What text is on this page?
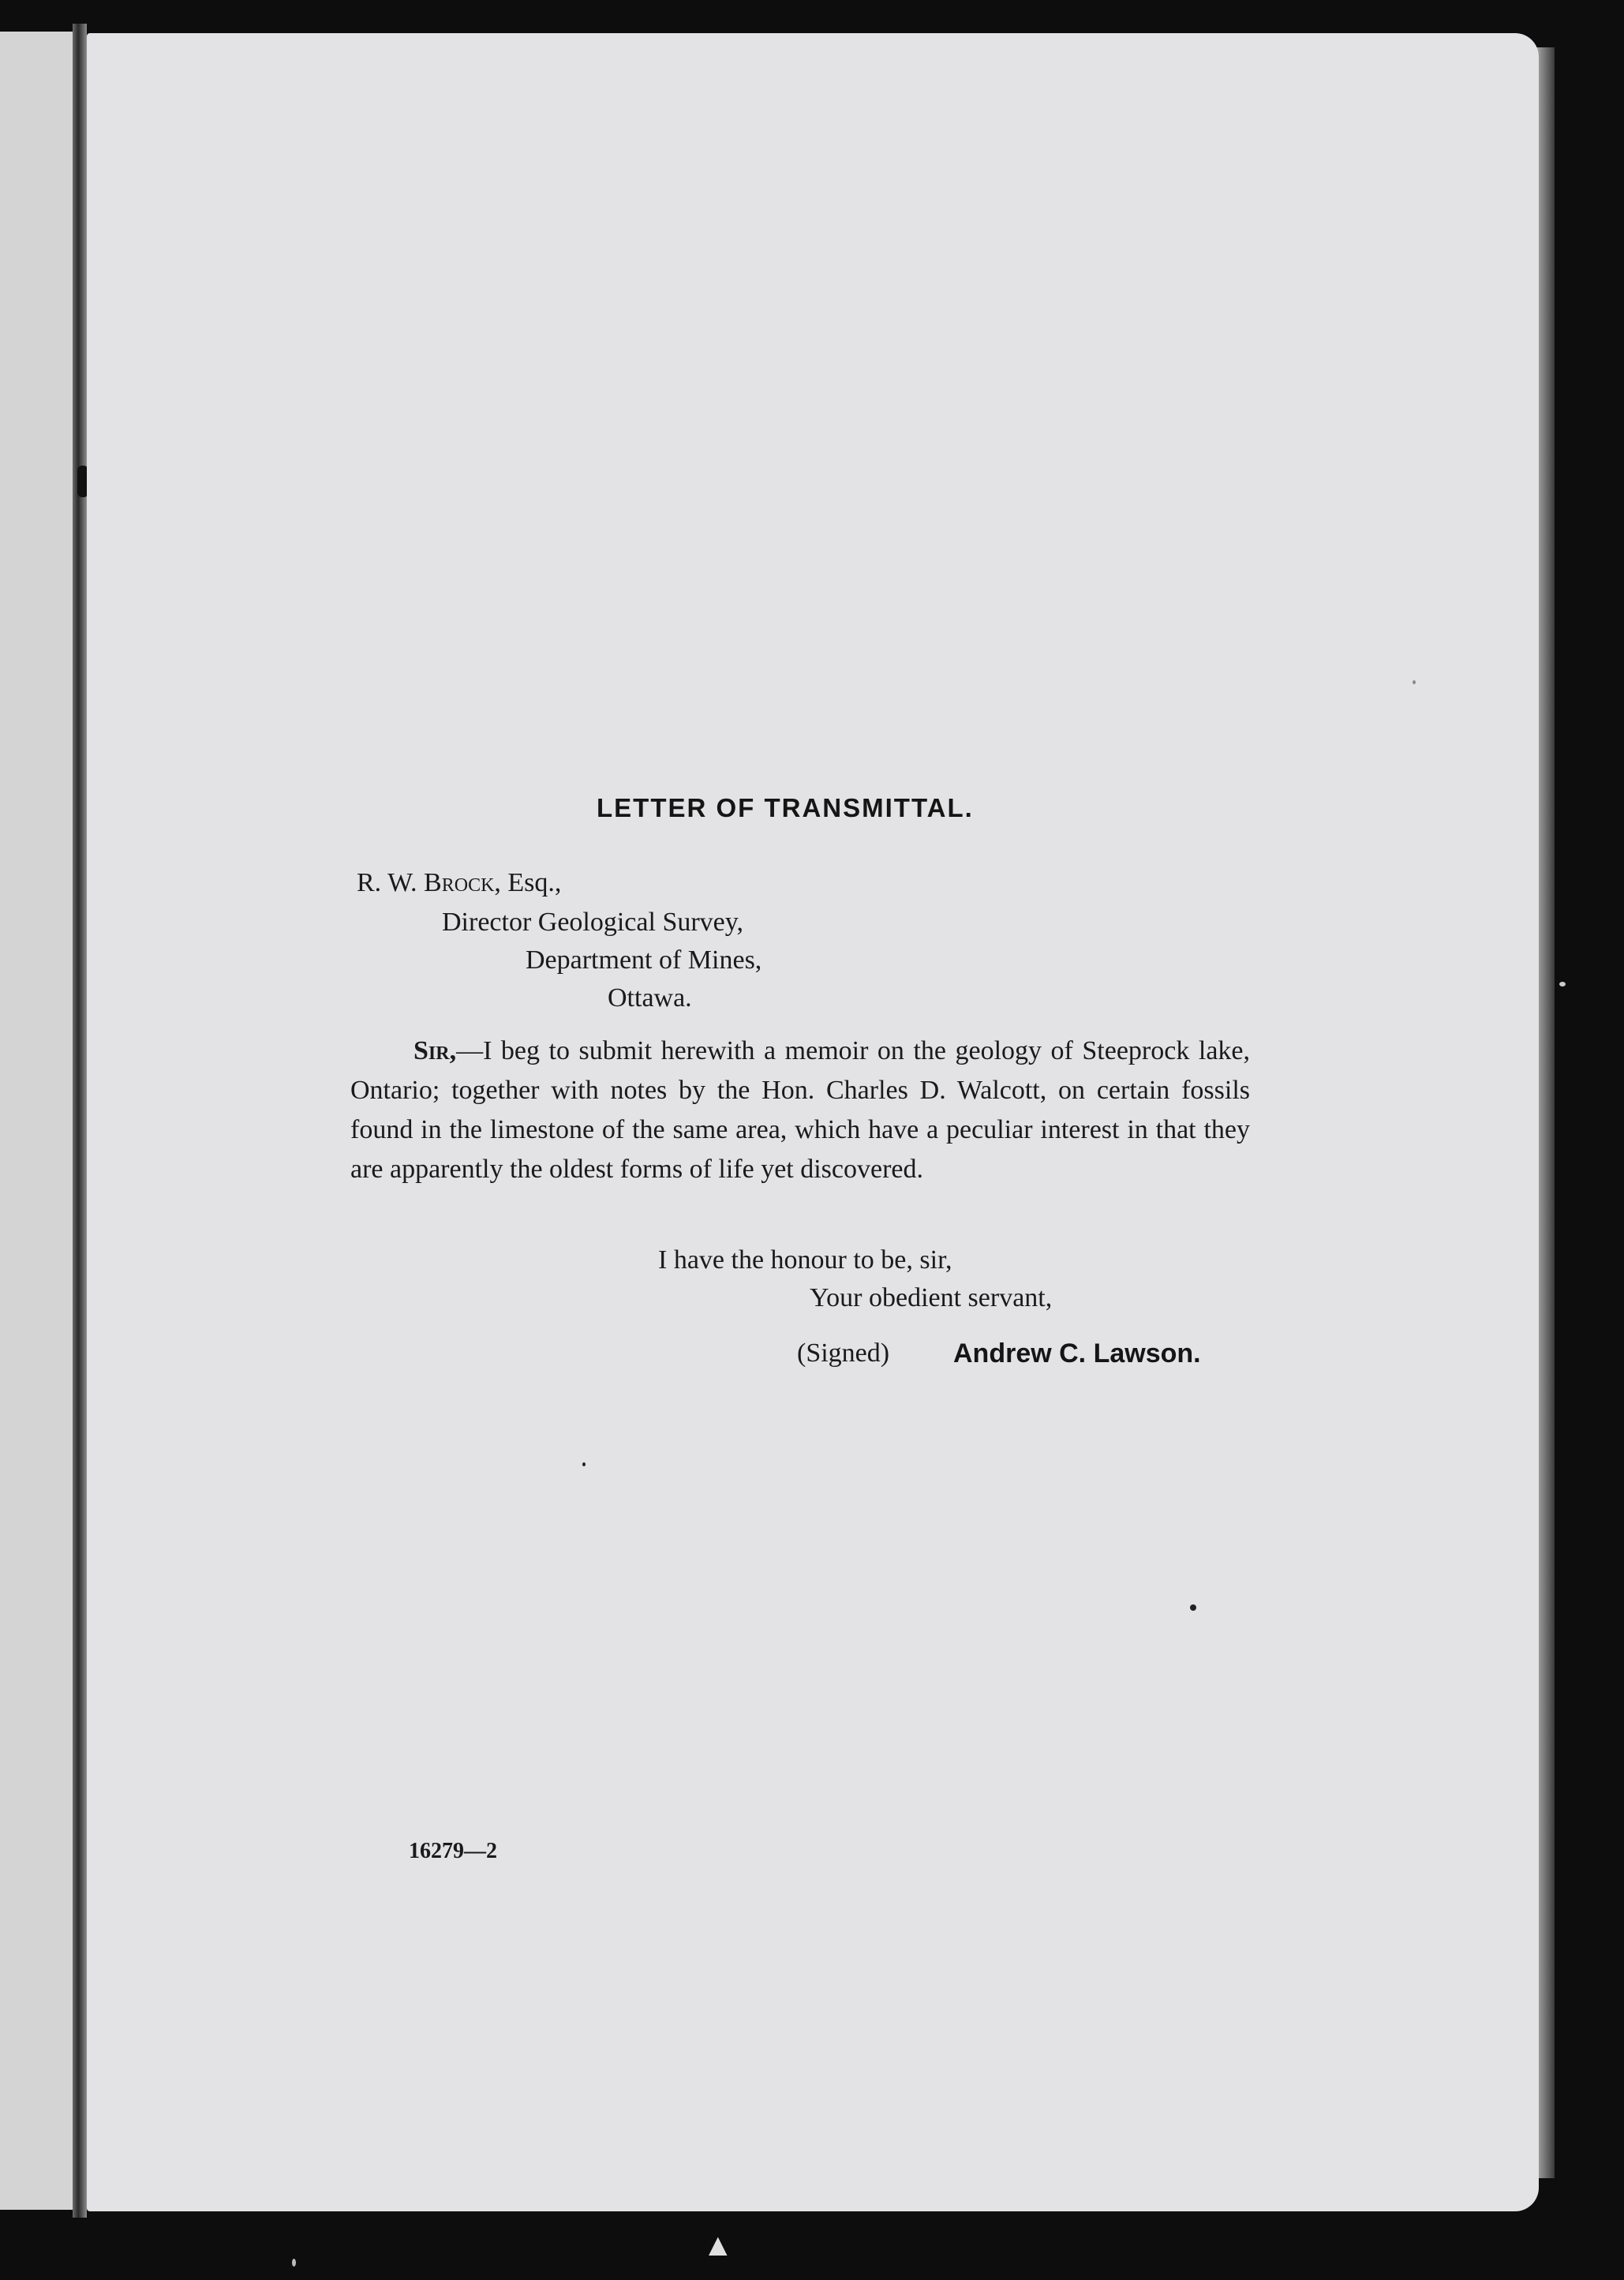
LETTER OF TRANSMITTAL.
R. W. Brock, Esq.,
Director Geological Survey,
Department of Mines,
Ottawa.
Sir,—I beg to submit herewith a memoir on the geology of Steeprock lake, Ontario; together with notes by the Hon. Charles D. Walcott, on certain fossils found in the limestone of the same area, which have a peculiar interest in that they are apparently the oldest forms of life yet discovered.
I have the honour to be, sir,
Your obedient servant,
(Signed) Andrew C. Lawson.
16279—2
▲
